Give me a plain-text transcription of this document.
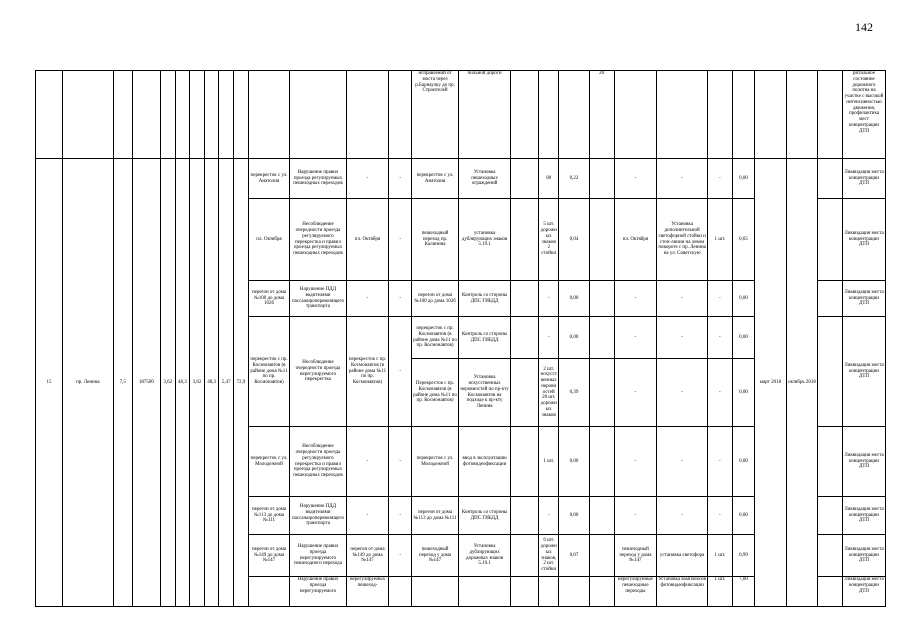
142
														исправлений от моста через р.Барнаулку до пр. Строителей	бильной дороги				20								ритальное состояние дорожного полотна на участке с высокой интенсивностью движения, профилактика мест концентрации ДТП
15	пр. Ленина	7,5	187500	3,62	48,3	3,62	48,3	5,47	72,9	перекресток с ул. Анатолия	Нарушение правил проезда регулируемых пешеходных переходов	-	-	перекресток с ул. Анатолия	Установка пешеходных ограждений		80	0,22		-	-	-	0,00	март 2018	октябрь 2018		Ликвидация места концентрации ДТП
										пл. Октября	Несоблюдение очередности проезда регулируемого перекрестка и правил проезда регулируемых пешеходных переходов	пл. Октября	-	пешеходный переход пр. Калинина	установка дублирующих знаков 5.19.1		5 шт. дорожных знаков 2 стойки	0,04		пл. Октября	Установка дополнительной светофорной стойки и стоп-линии на левом повороте с пр. Ленина на ул. Советскую	1 шт.	0,65				Ликвидация места концентрации ДТП
										перегон от дома №100 до дома 102б	Нарушение ПДД водителями пассажироперевозящего транспорта	-	-	перегон от дома №100 до дома 102б	Контроль со стороны ДПС ГИБДД		-	0,00		-	-	-	0,00				Ликвидация места концентрации ДТП
										перекресток с пр. Космонавтов (в районе дома №11 по пр. Космонавтов)	Несоблюдение очередности проезда нерегулируемого перекрестка	перекресток с пр. Космонавтов (в районе дома №11 по пр. Космонавтов)	-	перекресток с пр. Космонавтов (в районе дома №11 по пр. Космонавтов)	Контроль со стороны ДПС ГИБДД		-	0,00		-	-	-	0,00				Ликвидация места концентрации ДТП
														Перекресток с пр. Космонавтов (в районе дома №11 по пр. Космонавтов)	Установка искусственных неровностей по пр-кту Космонавтов на подходе к пр-кту Ленина		2 шт. искусственных неровностей 20 шт. дорожных знаков	0,39		-	-	-	0,00				
										перекресток с ул. Молодежной	Несоблюдение очередности проезда регулируемого перекрестка и правил проезда регулируемых пешеходных переходов	-	-	перекресток с ул. Молодежной	ввод в эксплуатацию фотовидеофиксации		1 шт.	0,00		-	-	-	0,00				Ликвидация места концентрации ДТП
										перегон от дома №113 до дома №111	Нарушение ПДД водителями пассажироперевозящего транспорта	-	-	перегон от дома №113 до дома №111	Контроль со стороны ДПС ГИБДД		-	0,00		-	-	-	0,00				Ликвидация места концентрации ДТП
										перегон от дома №149 до дома №147	Нарушение правил проезда нерегулируемого пешеходного перехода	перегон от дома №149 до дома №147	-	пешеходный переход у дома №147	Установка дублирующих дорожных знаков 5.19.1		6 шт. дорожных знаков, 2 шт. стойки	0,07		пешеходный переход у дома №147	установка светофора	1 шт.	0,99				Ликвидация места концентрации ДТП
											Нарушение правил проезда нерегулируемого	нерегулируемых пешеход-								нерегулируемые пешеходные переходы	Установка комплексов фотовидеофиксации	1 шт.	7,00				Ликвидация места концентрации ДТП
